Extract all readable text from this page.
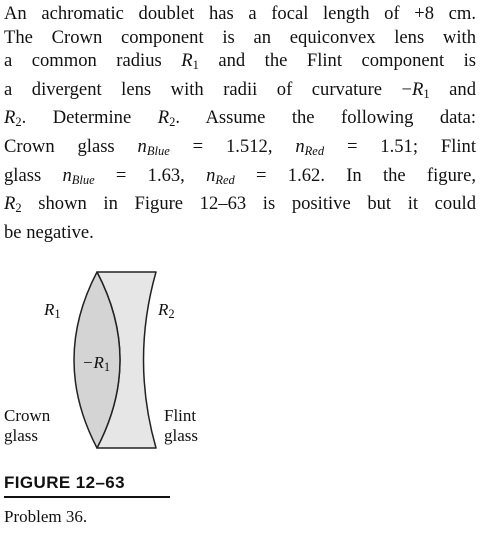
An achromatic doublet has a focal length of +8 cm.
The Crown component is an equiconvex lens with
a common radius R1 and the Flint component is
a divergent lens with radii of curvature −R1 and
R2. Determine R2. Assume the following data:
Crown glass $n_{Blue} = 1.512$, $n_{Red} = 1.51$; Flint
glass $n_{Blue} = 1.63$, $n_{Red} = 1.62$. In the figure,
R2 shown in Figure 12–63 is positive but it could
be negative.
R1	R2
−R1
Crown
glass
Flint
glass
FIGURE 12–63
Problem 36.
